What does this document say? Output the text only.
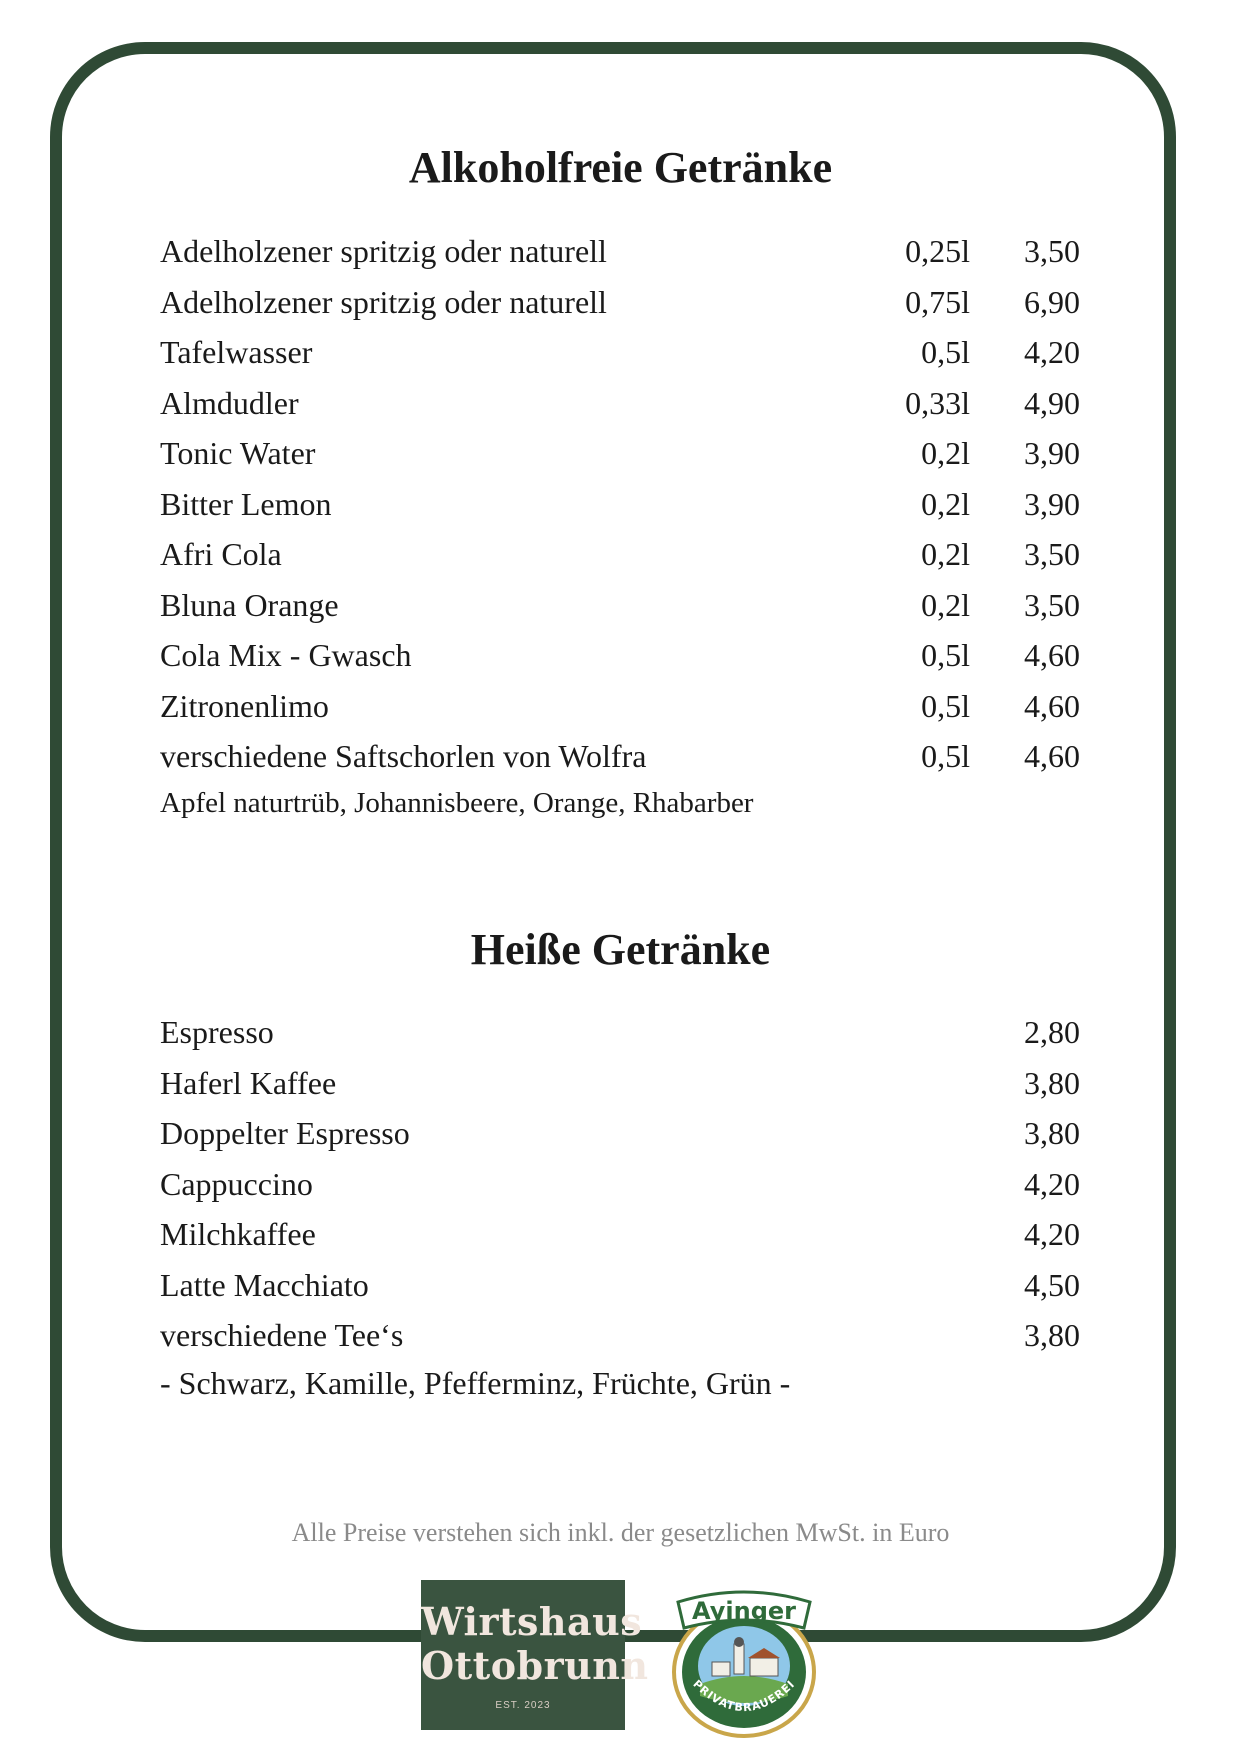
Alkoholfreie Getränke
Adelholzener spritzig oder naturell	0,25l 3,50
Adelholzener spritzig oder naturell	0,75l 6,90
Tafelwasser	0,5l 4,20
Almdudler	0,33l 4,90
Tonic Water	0,2l 3,90
Bitter Lemon	0,2l 3,90
Afri Cola	0,2l 3,50
Bluna Orange	0,2l 3,50
Cola Mix - Gwasch	0,5l 4,60
Zitronenlimo	0,5l 4,60
verschiedene Saftschorlen von Wolfra	0,5l 4,60
Apfel naturtrüb, Johannisbeere, Orange, Rhabarber
Heiße Getränke
Espresso	2,80
Haferl Kaffee	3,80
Doppelter Espresso	3,80
Cappuccino	4,20
Milchkaffee	4,20
Latte Macchiato	4,50
verschiedene Tee‘s	3,80
- Schwarz, Kamille, Pfefferminz, Früchte, Grün -

Alle Preise verstehen sich inkl. der gesetzlichen MwSt. in Euro

Wirtshaus
Ottobrunn
EST. 2023
Ayinger
PRIVATBRAUEREI
